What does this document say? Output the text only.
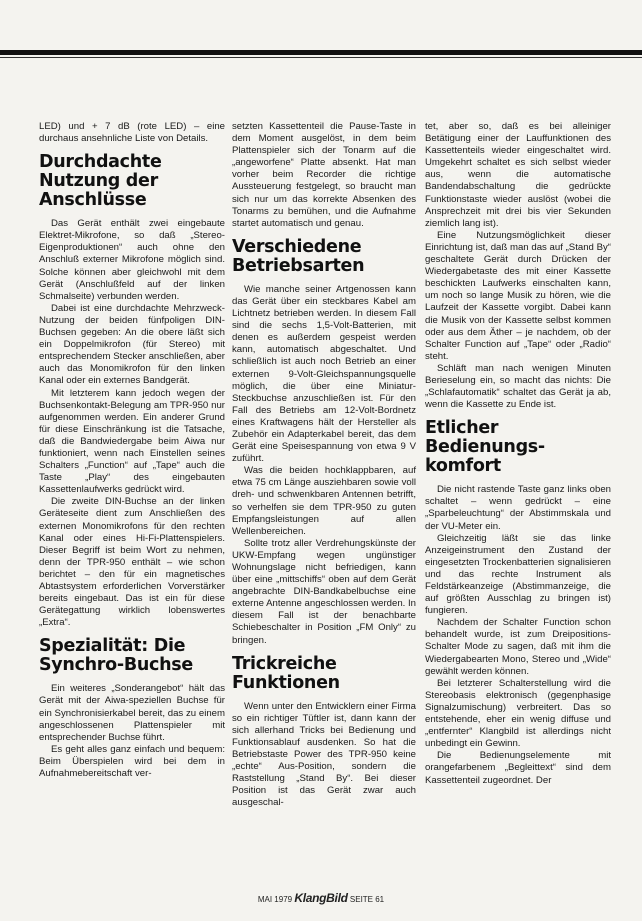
LED) und + 7 dB (rote LED) – eine durchaus ansehnliche Liste von Details.

Durchdachte Nutzung der Anschlüsse

Das Gerät enthält zwei eingebaute Elektret-Mikrofone, so daß „Stereo-Eigenproduktionen“ auch ohne den Anschluß externer Mikrofone möglich sind. Solche können aber gleichwohl mit dem Gerät (Anschlußfeld auf der linken Schmalseite) verbunden werden.

Dabei ist eine durchdachte Mehrzweck-Nutzung der beiden fünfpoligen DIN-Buchsen gegeben: An die obere läßt sich ein Doppelmikrofon (für Stereo) mit entsprechendem Stecker anschließen, aber auch das Monomikrofon für den linken Kanal oder ein externes Bandgerät.

Mit letzterem kann jedoch wegen der Buchsenkontakt-Belegung am TPR-950 nur aufgenommen werden. Ein anderer Grund für diese Einschränkung ist die Tatsache, daß die Bandwiedergabe beim Aiwa nur funktioniert, wenn nach Einstellen seines Schalters „Function“ auf „Tape“ auch die Taste „Play“ des eingebauten Kassettenlaufwerks gedrückt wird.

Die zweite DIN-Buchse an der linken Geräteseite dient zum Anschließen des externen Monomikrofons für den rechten Kanal oder eines Hi-Fi-Plattenspielers. Dieser Begriff ist beim Wort zu nehmen, denn der TPR-950 enthält – wie schon berichtet – den für ein magnetisches Abtastsystem erforderlichen Vorverstärker bereits eingebaut. Das ist ein für diese Gerätegattung wirklich lobenswertes „Extra“.

Spezialität: Die Synchro-Buchse

Ein weiteres „Sonderangebot“ hält das Gerät mit der Aiwa-speziellen Buchse für ein Synchronisierkabel bereit, das zu einem angeschlossenen Plattenspieler mit entsprechender Buchse führt.

Es geht alles ganz einfach und bequem: Beim Überspielen wird bei dem in Aufnahmebereitschaft ver-

setzten Kassettenteil die Pause-Taste in dem Moment ausgelöst, in dem beim Plattenspieler sich der Tonarm auf die „angeworfene“ Platte absenkt. Hat man vorher beim Recorder die richtige Aussteuerung festgelegt, so braucht man sich nur um das korrekte Absenken des Tonarms zu bemühen, und die Aufnahme startet automatisch und genau.

Verschiedene Betriebsarten

Wie manche seiner Artgenossen kann das Gerät über ein steckbares Kabel am Lichtnetz betrieben werden. In diesem Fall sind die sechs 1,5-Volt-Batterien, mit denen es außerdem gespeist werden kann, automatisch abgeschaltet. Und schließlich ist auch noch Betrieb an einer externen 9-Volt-Gleichspannungsquelle möglich, die über eine Miniatur-Steckbuchse anzuschließen ist. Für den Fall des Betriebs am 12-Volt-Bordnetz eines Kraftwagens hält der Hersteller als Zubehör ein Adapterkabel bereit, das dem Gerät eine Speisespannung von etwa 9 V zuführt.

Was die beiden hochklappbaren, auf etwa 75 cm Länge ausziehbaren sowie voll dreh- und schwenkbaren Antennen betrifft, so verhelfen sie dem TPR-950 zu guten Empfangsleistungen auf allen Wellenbereichen.

Sollte trotz aller Verdrehungskünste der UKW-Empfang wegen ungünstiger Wohnungslage nicht befriedigen, kann über eine „mittschiffs“ oben auf dem Gerät angebrachte DIN-Bandkabelbuchse eine externe Antenne angeschlossen werden. In diesem Fall ist der benachbarte Schiebeschalter in Position „FM Only“ zu bringen.

Trickreiche Funktionen

Wenn unter den Entwicklern einer Firma so ein richtiger Tüftler ist, dann kann der sich allerhand Tricks bei Bedienung und Funktionsablauf ausdenken. So hat die Betriebstaste Power des TPR-950 keine „echte“ Aus-Position, sondern die Raststellung „Stand By“. Bei dieser Position ist das Gerät zwar auch ausgeschal-

tet, aber so, daß es bei alleiniger Betätigung einer der Lauffunktionen des Kassettenteils wieder eingeschaltet wird. Umgekehrt schaltet es sich selbst wieder aus, wenn die automatische Bandendabschaltung die gedrückte Funktionstaste wieder auslöst (wobei die Ansprechzeit mit drei bis vier Sekunden ziemlich lang ist).

Eine Nutzungsmöglichkeit dieser Einrichtung ist, daß man das auf „Stand By“ geschaltete Gerät durch Drücken der Wiedergabetaste des mit einer Kassette beschickten Laufwerks einschalten kann, um noch so lange Musik zu hören, wie die Laufzeit der Kassette vorgibt. Dabei kann die Musik von der Kassette selbst kommen oder aus dem Äther – je nachdem, ob der Schalter Function auf „Tape“ oder „Radio“ steht.

Schläft man nach wenigen Minuten Berieselung ein, so macht das nichts: Die „Schlafautomatik“ schaltet das Gerät ja ab, wenn die Kassette zu Ende ist.

Etlicher Bedienungs-komfort

Die nicht rastende Taste ganz links oben schaltet – wenn gedrückt – eine „Sparbeleuchtung“ der Abstimmskala und der VU-Meter ein.

Gleichzeitig läßt sie das linke Anzeigeinstrument den Zustand der eingesetzten Trockenbatterien signalisieren und das rechte Instrument als Feldstärkeanzeige (Abstimmanzeige, die auf größten Ausschlag zu bringen ist) fungieren.

Nachdem der Schalter Function schon behandelt wurde, ist zum Dreipositions-Schalter Mode zu sagen, daß mit ihm die Wiedergabearten Mono, Stereo und „Wide“ gewählt werden können.

Bei letzterer Schalterstellung wird die Stereobasis elektronisch (gegenphasige Signalzumischung) verbreitert. Das so entstehende, eher ein wenig diffuse und „entfernter“ Klangbild ist allerdings nicht unbedingt ein Gewinn.

Die Bedienungselemente mit orangefarbenem „Begleittext“ sind dem Kassettenteil zugeordnet. Der

MAI 1979 KlangBild SEITE 61
